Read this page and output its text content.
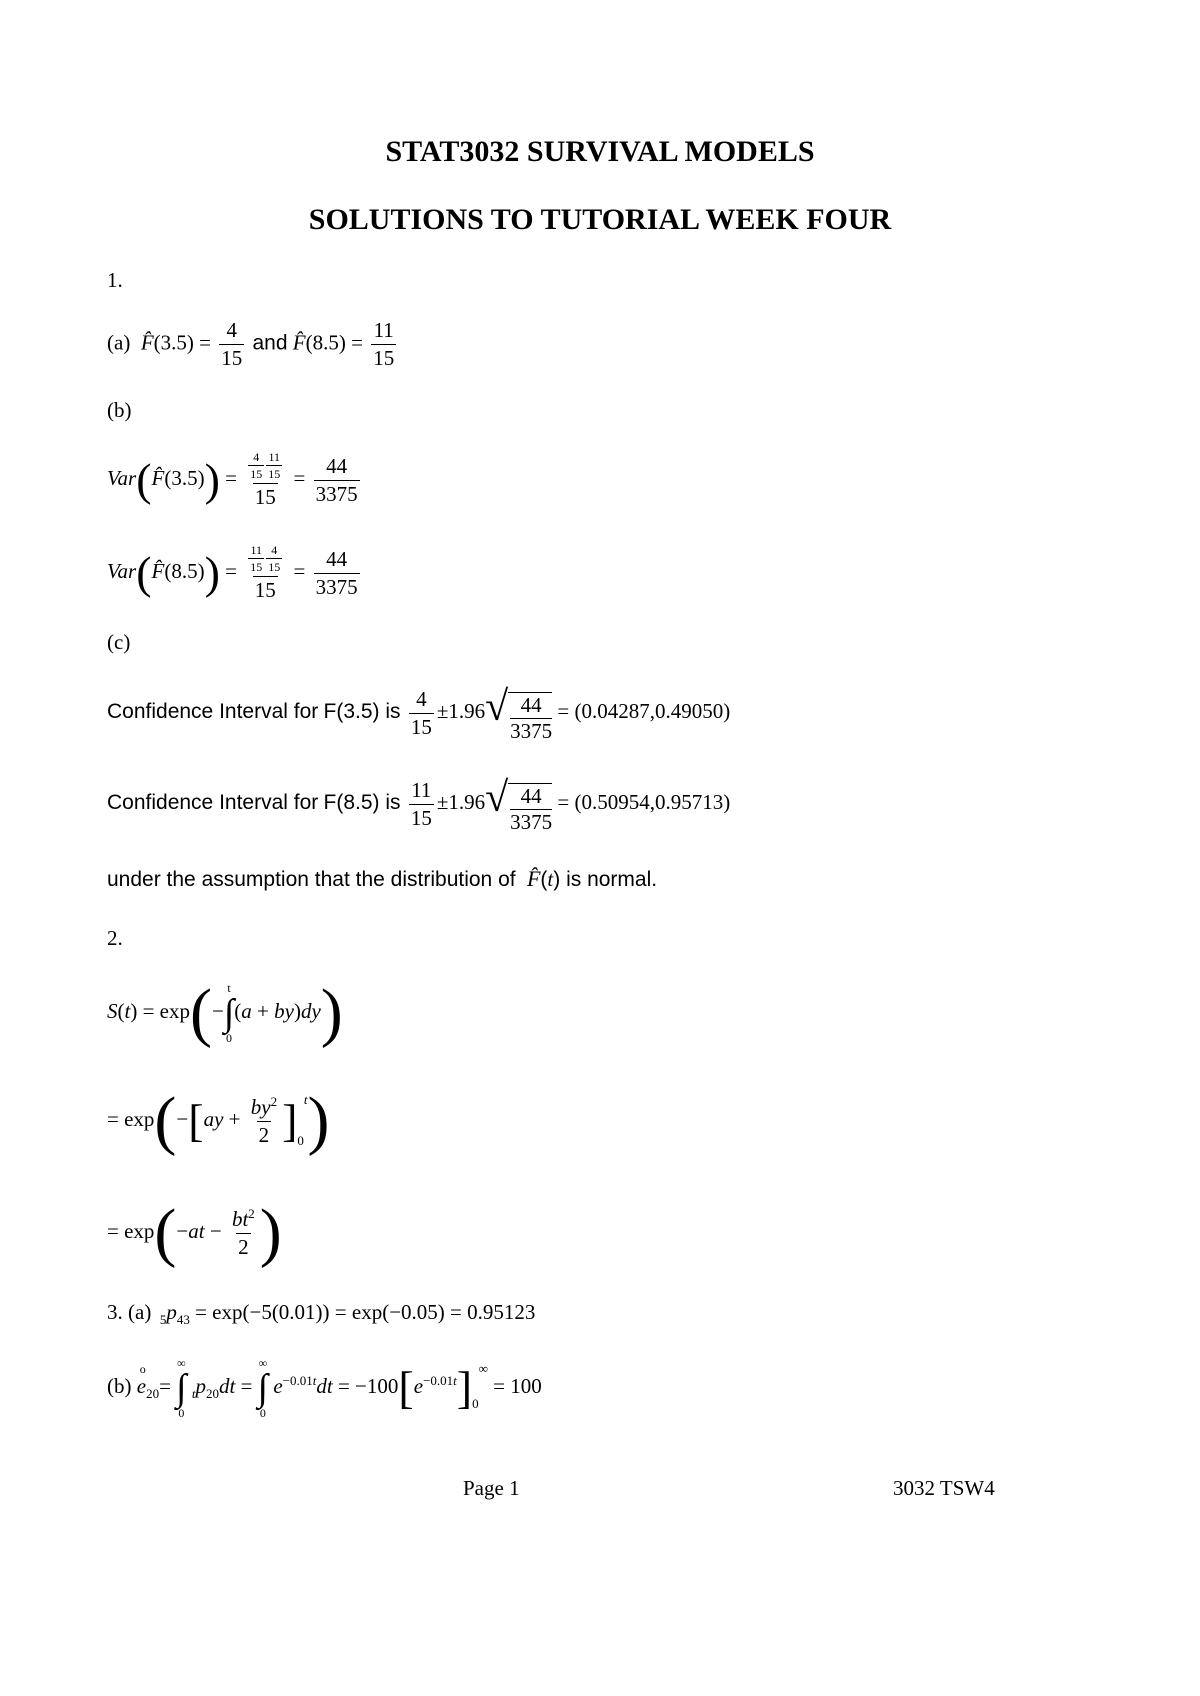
STAT3032 SURVIVAL MODELS
SOLUTIONS TO TUTORIAL WEEK FOUR
1.
(a)  F̂(3.5) = $\frac{4}{15}$ and F̂(8.5) = $\frac{11}{15}$
(b)
Var(F̂(3.5)) = $\frac{\frac{4}{15} \frac{11}{15}}{15} = \frac{44}{3375}$
Var(F̂(8.5)) = $\frac{\frac{11}{15} \frac{4}{15}}{15} = \frac{44}{3375}$
(c)
Confidence Interval for F(3.5) is $\frac{4}{15} \pm 1.96√ \frac{44}{3375} = (0.04287,0.49050)$
Confidence Interval for F(8.5) is $\frac{11}{15} \pm 1.96√ \frac{44}{3375} = (0.50954,0.95713)$
under the assumption that the distribution of  F̂(t) is normal.
2.
S(t) = exp(−
t
∫
0
(a + by)dy)
= $\exp(-[ay + \frac{by^2}{2} ]_0^t)$
= $\exp(-at - \frac{bt^2}{2}$ )
3. (a)  $_5p_{43} = \exp(-5(0.01)) = \exp(-0.05) = 0.95123$
(b)
o
$e_{20}=$
∞
∫
0
$_tp_{20}dt$ =
∞
∫
0
$e^{-0.01t}dt = -100[e^{-0.01t}]_0^\infty = 100$
Page 1	3032 TSW4
